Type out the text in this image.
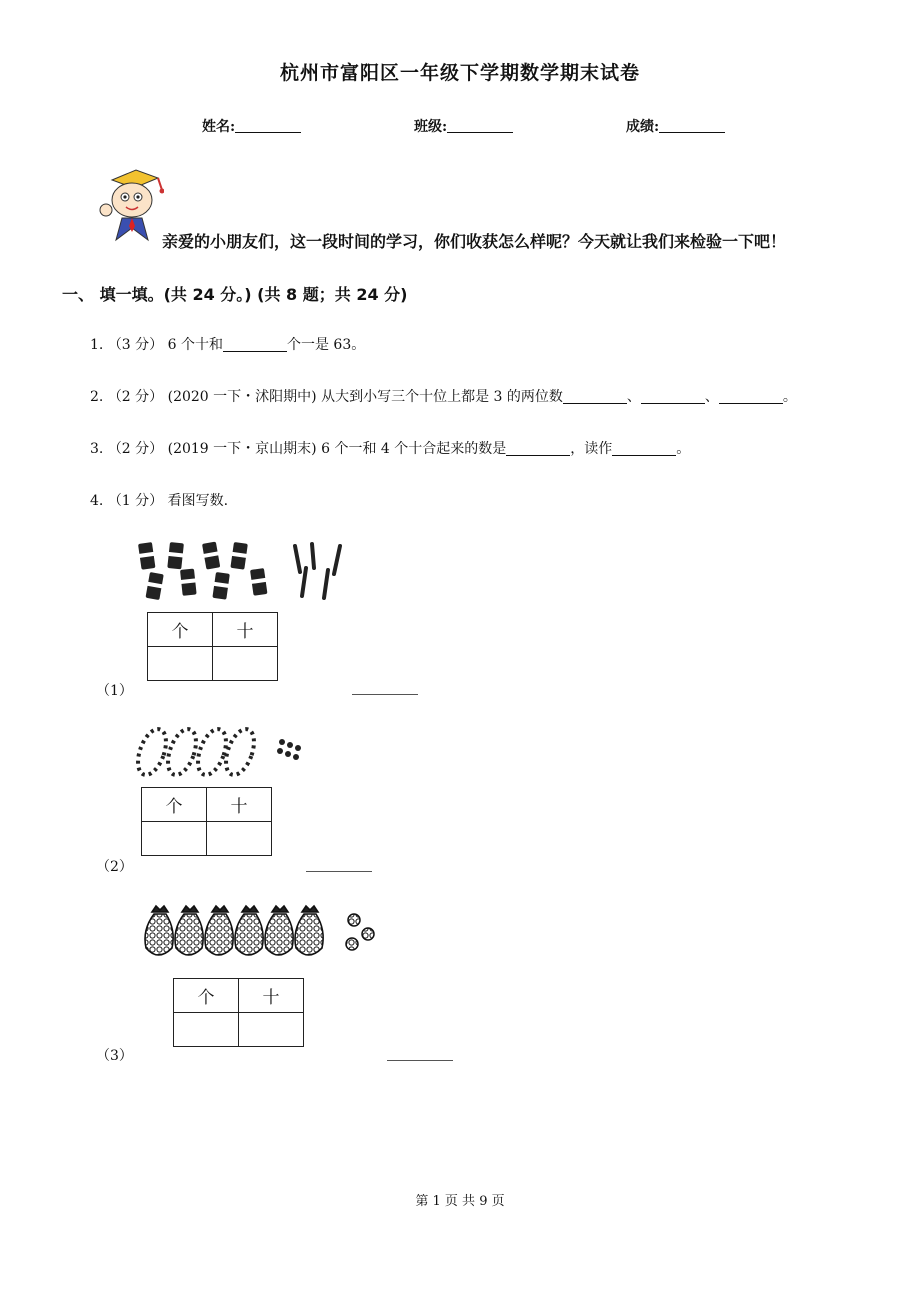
杭州市富阳区一年级下学期数学期末试卷
姓名:	班级:	成绩:
亲爱的小朋友们，这一段时间的学习，你们收获怎么样呢？今天就让我们来检验一下吧！
一、 填一填。(共 24 分。) (共 8 题；共 24 分)
1. （3 分） 6 个十和	个一是 63。
2. （2 分） (2020 一下・沭阳期中) 从大到小写三个十位上都是 3 的两位数	、	、	。
3. （2 分） (2019 一下・京山期末) 6 个一和 4 个十合起来的数是	，读作	。
4. （1 分） 看图写数.
个	十

（1）
个	十

（2）
个	十

（3）
第 1 页 共 9 页
